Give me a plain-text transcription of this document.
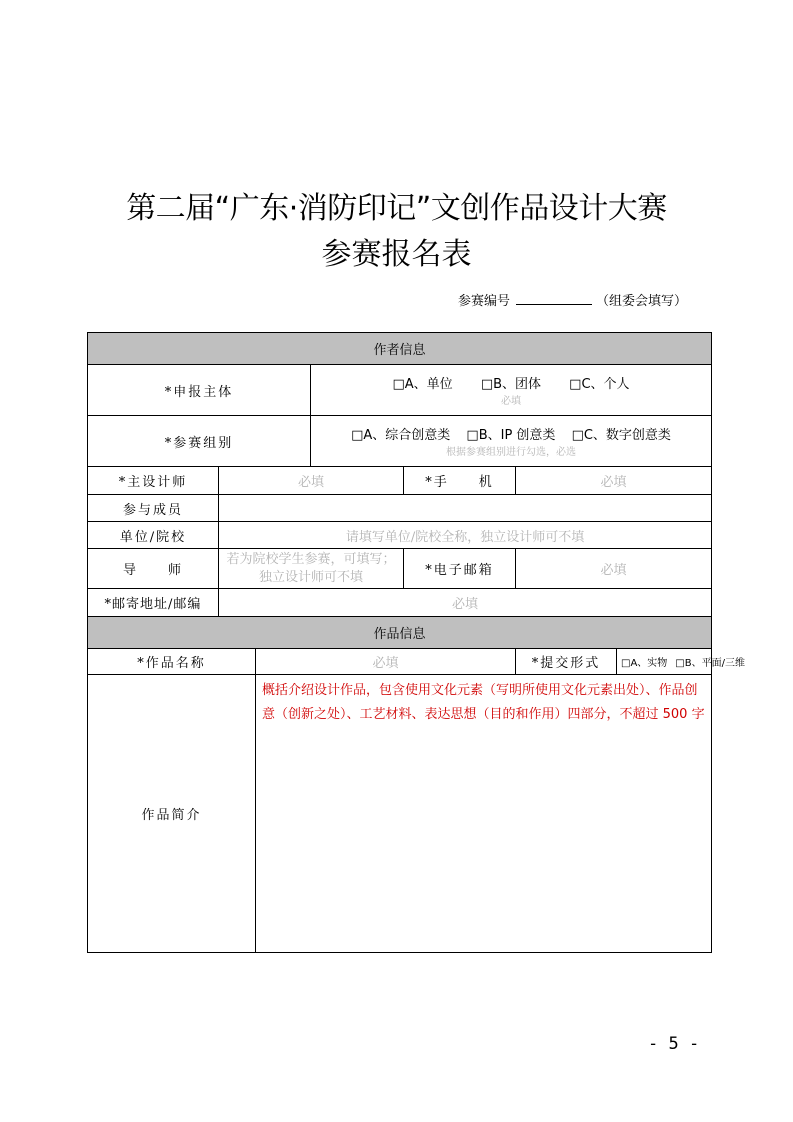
第二届“广东·消防印记”文创作品设计大赛
参赛报名表
参赛编号	（组委会填写）
作者信息						
*申报主体			□A、单位 □B、团体 □C、个人
必填			

*参赛组别			□A、综合创意类 □B、IP 创意类 □C、数字创意类
根据参赛组别进行勾选，必选			

*主设计师	必填			*手　　机	必填	
参与成员						
单位/院校	请填写单位/院校全称，独立设计师可不填					
导　　师	若为院校学生参赛，可填写；独立设计师可不填			*电子邮箱	必填	
*邮寄地址/邮编	必填					
作品信息						
*作品名称		必填			*提交形式	□A、实物 □B、平面/三维

作品简介		概括介绍设计作品，包含使用文化元素（写明所使用文化元素出处）、作品创意（创新之处）、工艺材料、表达思想（目的和作用）四部分，不超过 500 字				
- 5 -
